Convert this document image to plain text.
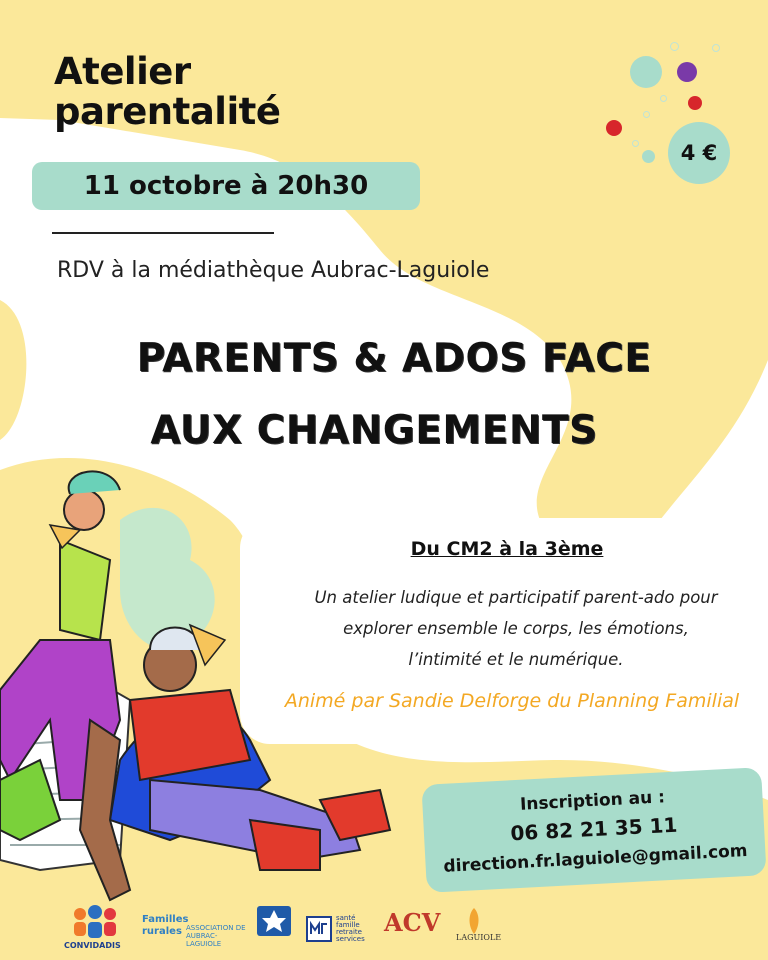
Atelier
parentalité
4 €
11 octobre à 20h30
RDV à la médiathèque Aubrac-Laguiole
PARENTS & ADOS FACE
AUX CHANGEMENTS
Du CM2 à la 3ème
Un atelier ludique et participatif parent-ado pour
explorer ensemble le corps, les émotions,
l’intimité et le numérique.
Animé par Sandie Delforge du Planning Familial
Inscription au :
06 82 21 35 11
direction.fr.laguiole@gmail.com
CONVIDADIS
Familles
rurales ASSOCIATION DE
AUBRAC-LAGUIOLE
santé
famille
retraite
services
ACV
LAGUIOLE
